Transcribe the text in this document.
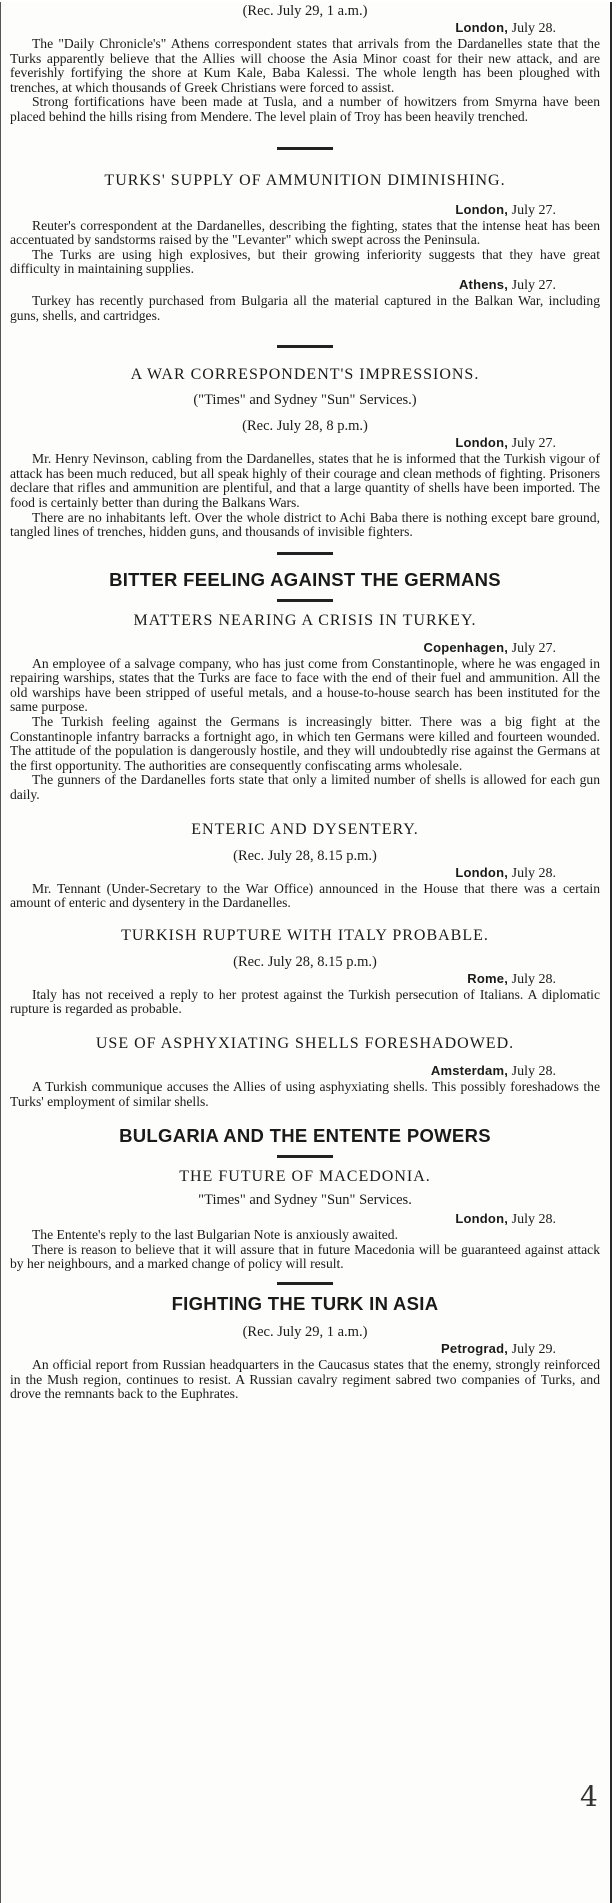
(Rec. July 29, 1 a.m.)
London, July 28.

The "Daily Chronicle's" Athens correspondent states that arrivals from the Dardanelles state that the Turks apparently believe that the Allies will choose the Asia Minor coast for their new attack, and are feverishly fortifying the shore at Kum Kale, Baba Kalessi. The whole length has been ploughed with trenches, at which thousands of Greek Christians were forced to assist.

Strong fortifications have been made at Tusla, and a number of howitzers from Smyrna have been placed behind the hills rising from Mendere. The level plain of Troy has been heavily trenched.

TURKS' SUPPLY OF AMMUNITION DIMINISHING.
London, July 27.

Reuter's correspondent at the Dardanelles, describing the fighting, states that the intense heat has been accentuated by sandstorms raised by the "Levanter" which swept across the Peninsula.

The Turks are using high explosives, but their growing inferiority suggests that they have great difficulty in maintaining supplies.

Athens, July 27.

Turkey has recently purchased from Bulgaria all the material captured in the Balkan War, including guns, shells, and cartridges.

A WAR CORRESPONDENT'S IMPRESSIONS.
("Times" and Sydney "Sun" Services.)
(Rec. July 28, 8 p.m.)
London, July 27.

Mr. Henry Nevinson, cabling from the Dardanelles, states that he is informed that the Turkish vigour of attack has been much reduced, but all speak highly of their courage and clean methods of fighting. Prisoners declare that rifles and ammunition are plentiful, and that a large quantity of shells have been imported. The food is certainly better than during the Balkans Wars.

There are no inhabitants left. Over the whole district to Achi Baba there is nothing except bare ground, tangled lines of trenches, hidden guns, and thousands of invisible fighters.

BITTER FEELING AGAINST THE GERMANS
MATTERS NEARING A CRISIS IN TURKEY.
Copenhagen, July 27.

An employee of a salvage company, who has just come from Constantinople, where he was engaged in repairing warships, states that the Turks are face to face with the end of their fuel and ammunition. All the old warships have been stripped of useful metals, and a house-to-house search has been instituted for the same purpose.

The Turkish feeling against the Germans is increasingly bitter. There was a big fight at the Constantinople infantry barracks a fortnight ago, in which ten Germans were killed and fourteen wounded. The attitude of the population is dangerously hostile, and they will undoubtedly rise against the Germans at the first opportunity. The authorities are consequently confiscating arms wholesale.

The gunners of the Dardanelles forts state that only a limited number of shells is allowed for each gun daily.

ENTERIC AND DYSENTERY.
(Rec. July 28, 8.15 p.m.)
London, July 28.

Mr. Tennant (Under-Secretary to the War Office) announced in the House that there was a certain amount of enteric and dysentery in the Dardanelles.

TURKISH RUPTURE WITH ITALY PROBABLE.
(Rec. July 28, 8.15 p.m.)
Rome, July 28.

Italy has not received a reply to her protest against the Turkish persecution of Italians. A diplomatic rupture is regarded as probable.

USE OF ASPHYXIATING SHELLS FORESHADOWED.
Amsterdam, July 28.

A Turkish communique accuses the Allies of using asphyxiating shells. This possibly foreshadows the Turks' employment of similar shells.

BULGARIA AND THE ENTENTE POWERS
THE FUTURE OF MACEDONIA.
"Times" and Sydney "Sun" Services.
London, July 28.

The Entente's reply to the last Bulgarian Note is anxiously awaited.

There is reason to believe that it will assure that in future Macedonia will be guaranteed against attack by her neighbours, and a marked change of policy will result.

FIGHTING THE TURK IN ASIA
(Rec. July 29, 1 a.m.)
Petrograd, July 29.

An official report from Russian headquarters in the Caucasus states that the enemy, strongly reinforced in the Mush region, continues to resist. A Russian cavalry regiment sabred two companies of Turks, and drove the remnants back to the Euphrates.

4
